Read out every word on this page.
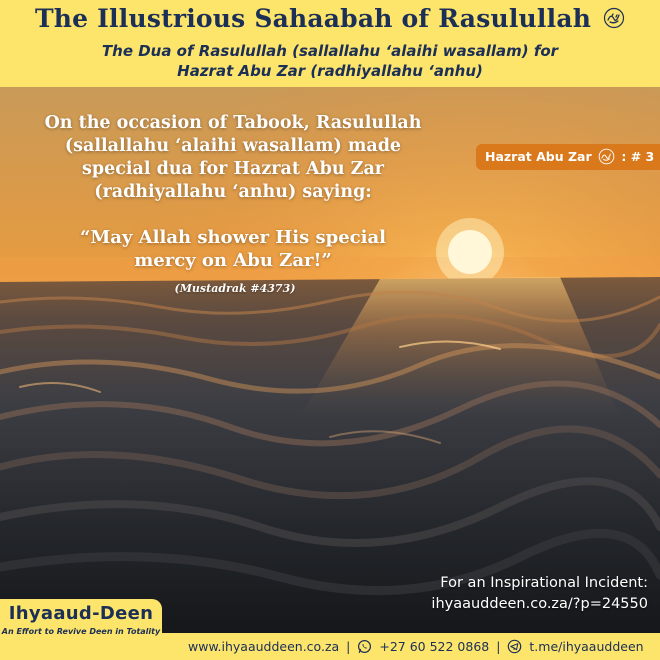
The Illustrious Sahaabah of Rasulullah
The Dua of Rasulullah (sallallahu ‘alaihi wasallam) for
Hazrat Abu Zar (radhiyallahu ‘anhu)
Hazrat Abu Zar : # 3
On the occasion of Tabook, Rasulullah
(sallallahu ‘alaihi wasallam) made
special dua for Hazrat Abu Zar
(radhiyallahu ‘anhu) saying:
“May Allah shower His special
mercy on Abu Zar!”
(Mustadrak #4373)
For an Inspirational Incident:
ihyaauddeen.co.za/?p=24550
Ihyaaud-Deen
An Effort to Revive Deen in Totality
www.ihyaauddeen.co.za | +27 60 522 0868 | t.me/ihyaauddeen
